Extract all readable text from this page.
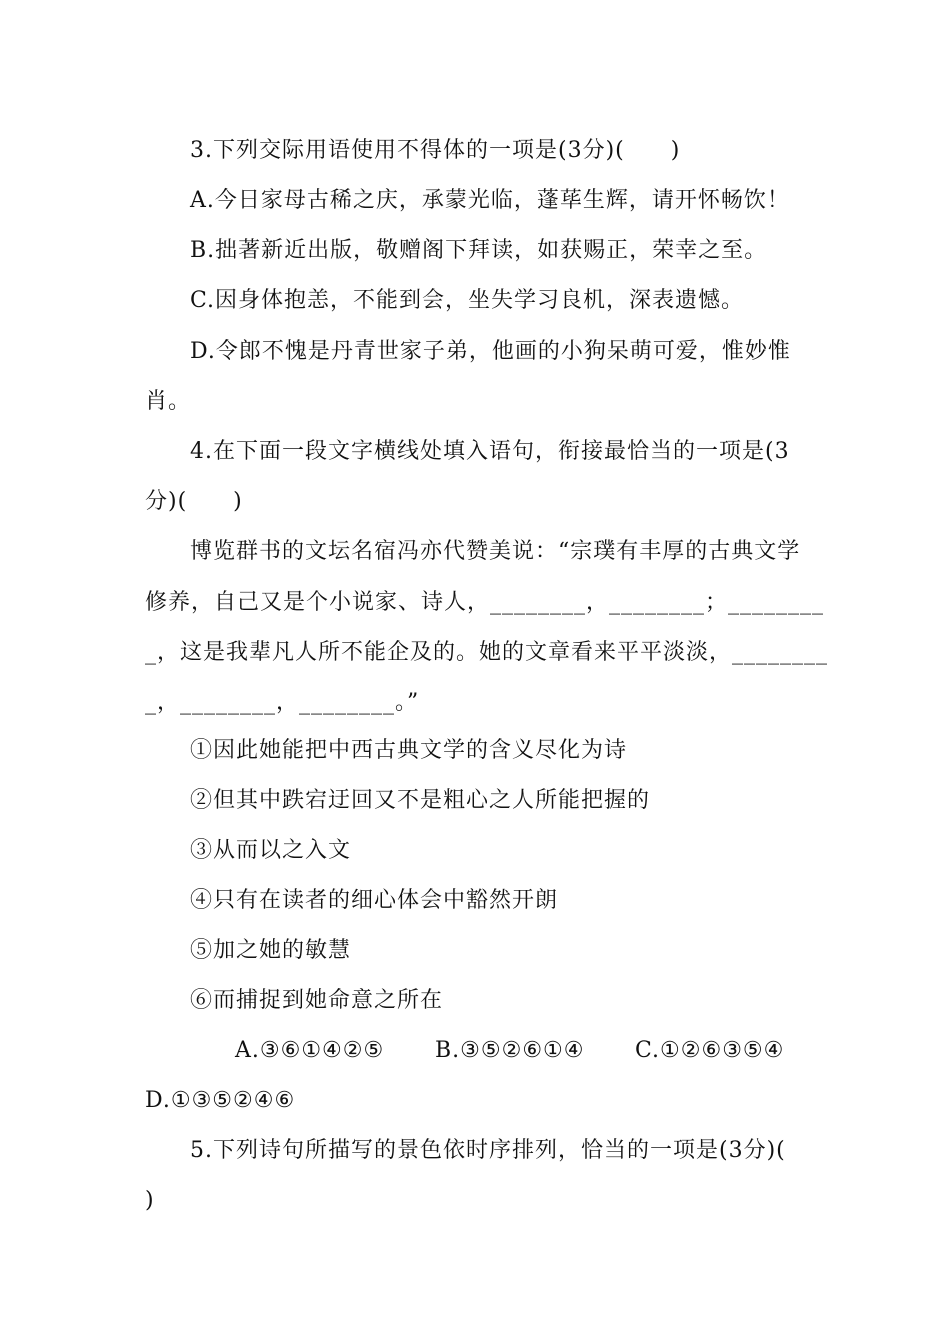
3.下列交际用语使用不得体的一项是(3分)(　　)
A.今日家母古稀之庆，承蒙光临，蓬荜生辉，请开怀畅饮！
B.拙著新近出版，敬赠阁下拜读，如获赐正，荣幸之至。
C.因身体抱恙，不能到会，坐失学习良机，深表遗憾。
D.令郎不愧是丹青世家子弟，他画的小狗呆萌可爱，惟妙惟
肖。
4.在下面一段文字横线处填入语句，衔接最恰当的一项是(3
分)(　　)
博览群书的文坛名宿冯亦代赞美说：“宗璞有丰厚的古典文学
修养，自己又是个小说家、诗人，________，________；________
_，这是我辈凡人所不能企及的。她的文章看来平平淡淡，________
_，________，________。”
①因此她能把中西古典文学的含义尽化为诗
②但其中跌宕迂回又不是粗心之人所能把握的
③从而以之入文
④只有在读者的细心体会中豁然开朗
⑤加之她的敏慧
⑥而捕捉到她命意之所在
A.③⑥①④②⑤ B.③⑤②⑥①④ C.①②⑥③⑤④
D.①③⑤②④⑥
5.下列诗句所描写的景色依时序排列，恰当的一项是(3分)(
)
